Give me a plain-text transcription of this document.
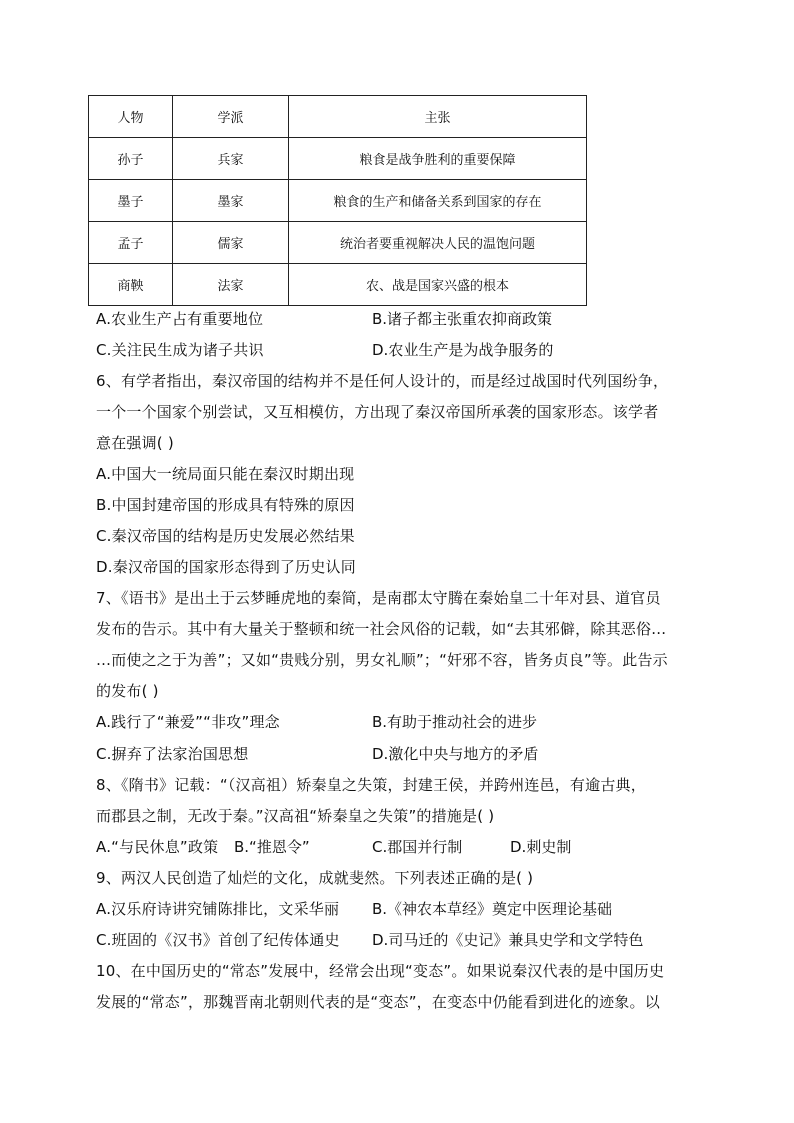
人物	学派	主张
孙子	兵家	粮食是战争胜利的重要保障
墨子	墨家	粮食的生产和储备关系到国家的存在
孟子	儒家	统治者要重视解决人民的温饱问题
商鞅	法家	农、战是国家兴盛的根本
A.农业生产占有重要地位	B.诸子都主张重农抑商政策
C.关注民生成为诸子共识	D.农业生产是为战争服务的
6、有学者指出，秦汉帝国的结构并不是任何人设计的，而是经过战国时代列国纷争，
一个一个国家个别尝试，又互相模仿，方出现了秦汉帝国所承袭的国家形态。该学者
意在强调( )
A.中国大一统局面只能在秦汉时期出现
B.中国封建帝国的形成具有特殊的原因
C.秦汉帝国的结构是历史发展必然结果
D.秦汉帝国的国家形态得到了历史认同
7、《语书》是出土于云梦睡虎地的秦简，是南郡太守腾在秦始皇二十年对县、道官员
发布的告示。其中有大量关于整顿和统一社会风俗的记载，如“去其邪僻，除其恶俗…
…而使之之于为善”；又如“贵贱分别，男女礼顺”；“奸邪不容，皆务贞良”等。此告示
的发布( )
A.践行了“兼爱”“非攻”理念	B.有助于推动社会的进步
C.摒弃了法家治国思想	D.激化中央与地方的矛盾
8、《隋书》记载：“（汉高祖）矫秦皇之失策，封建王侯，并跨州连邑，有逾古典，
而郡县之制，无改于秦。”汉高祖“矫秦皇之失策”的措施是( )
A.“与民休息”政策 B.“推恩令”	C.郡国并行制	D.刺史制
9、两汉人民创造了灿烂的文化，成就斐然。下列表述正确的是( )
A.汉乐府诗讲究铺陈排比，文采华丽 B.《神农本草经》奠定中医理论基础
C.班固的《汉书》首创了纪传体通史 D.司马迁的《史记》兼具史学和文学特色
10、在中国历史的“常态”发展中，经常会出现“变态”。如果说秦汉代表的是中国历史
发展的“常态”，那魏晋南北朝则代表的是“变态”，在变态中仍能看到进化的迹象。以
